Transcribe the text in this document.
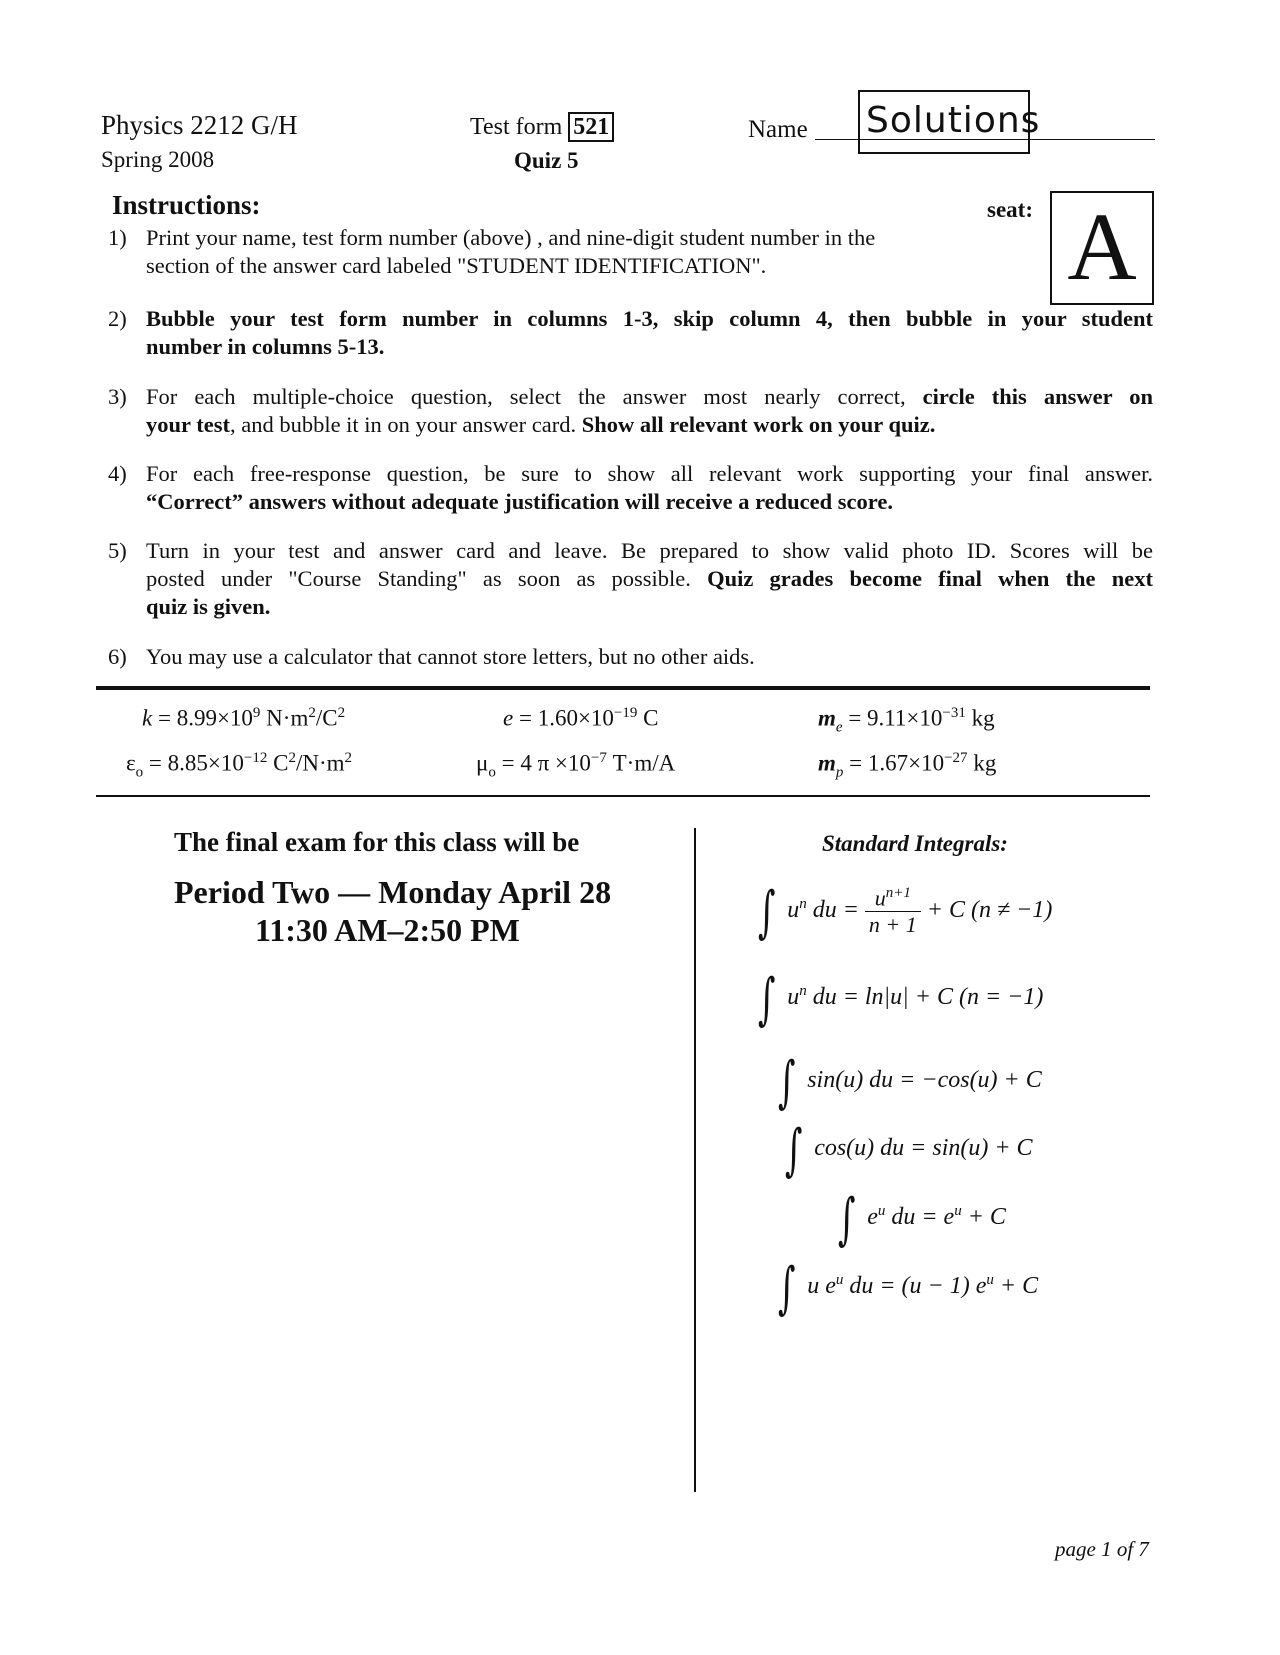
Physics 2212 G/H
Spring 2008
Test form 521
Quiz 5
Name Solutions
Instructions:	seat: A
1) Print your name, test form number (above) , and nine-digit student number in the
section of the answer card labeled "STUDENT IDENTIFICATION".
2) Bubble your test form number in columns 1-3, skip column 4, then bubble in your student
number in columns 5-13.
3) For each multiple-choice question, select the answer most nearly correct, circle this answer on
your test, and bubble it in on your answer card. Show all relevant work on your quiz.
4) For each free-response question, be sure to show all relevant work supporting your final answer.
“Correct” answers without adequate justification will receive a reduced score.
5) Turn in your test and answer card and leave. Be prepared to show valid photo ID. Scores will be
posted under "Course Standing" as soon as possible. Quiz grades become final when the next
quiz is given.
6) You may use a calculator that cannot store letters, but no other aids.
$k = 8.99\times 10^9$ $N\cdot m^2/C^2$	$e = 1.60\times 10^{-19}$ C	$m_e = 9.11\times 10^{-31}$ kg
$\varepsilon_o = 8.85\times 10^{-12}$ $C^2/N\cdot m^2$	$\mu_o = 4$ $\pi \times 10^{-7}$ T·m/A	$m_p = 1.67\times 10^{-27}$ kg
The final exam for this class will be
Period Two — Monday April 28
11:30 AM–2:50 PM
Standard Integrals:
∫ $u^n$ du = $\frac{u^{n+1}}{n + 1} + C$ (n ≠ −1)
∫ $u^n$ du = ln|u| + C (n = −1)
∫ sin(u) du = −cos(u) + C
∫ cos(u) du = sin(u) + C
∫ $e^u$ du = $e^u + C$
∫ u $e^u$ du = (u − 1) $e^u + C$
page 1 of 7
